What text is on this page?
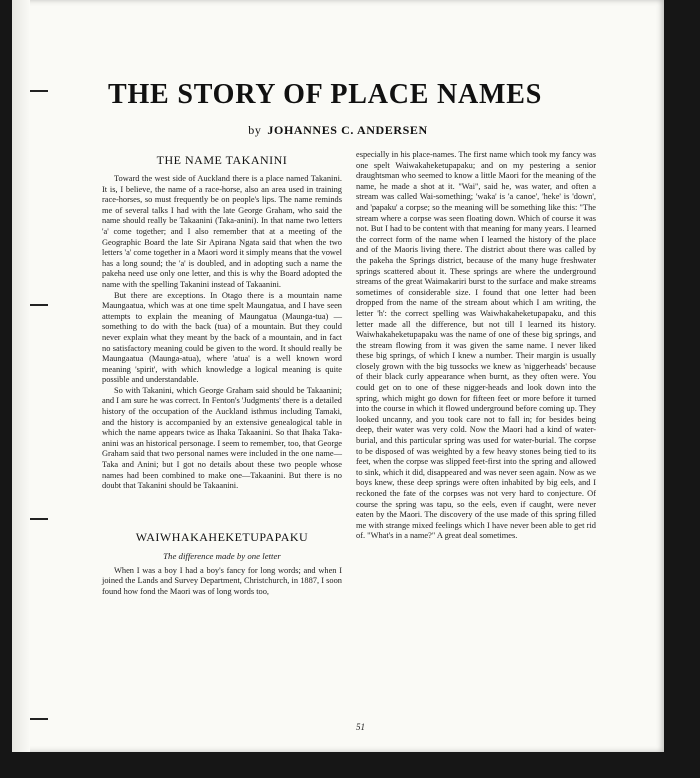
THE STORY OF PLACE NAMES
by JOHANNES C. ANDERSEN
THE NAME TAKANINI

Toward the west side of Auckland there is a place named Takanini. It is, I believe, the name of a race-horse, also an area used in training race-horses, so must frequently be on people's lips. The name reminds me of several talks I had with the late George Graham, who said the name should really be Takaanini (Taka-anini). In that name two letters 'a' come together; and I also remember that at a meeting of the Geographic Board the late Sir Apirana Ngata said that when the two letters 'a' come together in a Maori word it simply means that the vowel has a long sound; the 'a' is doubled, and in adopting such a name the pakeha need use only one letter, and this is why the Board adopted the name with the spelling Takanini instead of Takaanini.

But there are exceptions. In Otago there is a mountain name Maungaatua, which was at one time spelt Maungatua, and I have seen attempts to explain the meaning of Maungatua (Maunga-tua) —something to do with the back (tua) of a mountain. But they could never explain what they meant by the back of a mountain, and in fact no satisfactory meaning could be given to the word. It should really be Maungaatua (Maunga-atua), where 'atua' is a well known word meaning 'spirit', with which knowledge a logical meaning is quite possible and understandable.

So with Takanini, which George Graham said should be Takaanini; and I am sure he was correct. In Fenton's 'Judgments' there is a detailed history of the occupation of the Auckland isthmus including Tamaki, and the history is accompanied by an extensive genealogical table in which the name appears twice as Ihaka Takaanini. So that Ihaka Taka-anini was an historical personage. I seem to remember, too, that George Graham said that two personal names were included in the one name—Taka and Anini; but I got no details about these two people whose names had been combined to make one—Takaanini. But there is no doubt that Takanini should be Takaanini.

WAIWHAKAHEKETUPAPAKU
The difference made by one letter

When I was a boy I had a boy's fancy for long words; and when I joined the Lands and Survey Department, Christchurch, in 1887, I soon found how fond the Maori was of long words too,

especially in his place-names. The first name which took my fancy was one spelt Waiwakaheketupapaku; and on my pestering a senior draughtsman who seemed to know a little Maori for the meaning of the name, he made a shot at it. "Wai", said he, was water, and often a stream was called Wai-something; 'waka' is 'a canoe', 'heke' is 'down', and 'papaku' a corpse; so the meaning will be something like this: "The stream where a corpse was seen floating down. Which of course it was not. But I had to be content with that meaning for many years. I learned the correct form of the name when I learned the history of the place and of the Maoris living there. The district about there was called by the pakeha the Springs district, because of the many huge freshwater springs scattered about it. These springs are where the underground streams of the great Waimakariri burst to the surface and make streams sometimes of considerable size. I found that one letter had been dropped from the name of the stream about which I am writing, the letter 'h': the correct spelling was Waiwhakaheketupapaku, and this letter made all the difference, but not till I learned its history. Waiwhakaheketupapaku was the name of one of these big springs, and the stream flowing from it was given the same name. I never liked these big springs, of which I knew a number. Their margin is usually closely grown with the big tussocks we knew as 'niggerheads' because of their black curly appearance when burnt, as they often were. You could get on to one of these nigger-heads and look down into the spring, which might go down for fifteen feet or more before it turned into the course in which it flowed underground before coming up. They looked uncanny, and you took care not to fall in; for besides being deep, their water was very cold. Now the Maori had a kind of water-burial, and this particular spring was used for water-burial. The corpse to be disposed of was weighted by a few heavy stones being tied to its feet, when the corpse was slipped feet-first into the spring and allowed to sink, which it did, disappeared and was never seen again. Now as we boys knew, these deep springs were often inhabited by big eels, and I reckoned the fate of the corpses was not very hard to conjecture. Of course the spring was tapu, so the eels, even if caught, were never eaten by the Maori. The discovery of the use made of this spring filled me with strange mixed feelings which I have never been able to get rid of. "What's in a name?" A great deal sometimes.

51
